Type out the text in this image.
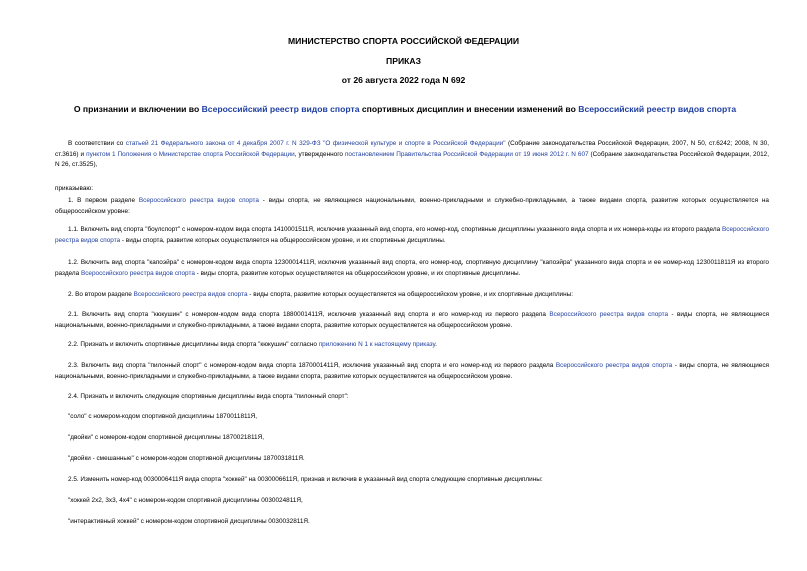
МИНИСТЕРСТВО СПОРТА РОССИЙСКОЙ ФЕДЕРАЦИИ
ПРИКАЗ
от 26 августа 2022 года N 692
О признании и включении во Всероссийский реестр видов спорта спортивных дисциплин и внесении изменений во Всероссийский реестр видов спорта
В соответствии со статьей 21 Федерального закона от 4 декабря 2007 г. N 329-ФЗ "О физической культуре и спорте в Российской Федерации" (Собрание законодательства Российской Федерации, 2007, N 50, ст.6242; 2008, N 30, ст.3616) и пунктом 1 Положения о Министерстве спорта Российской Федерации, утвержденного постановлением Правительства Российской Федерации от 19 июня 2012 г. N 607 (Собрание законодательства Российской Федерации, 2012, N 26, ст.3525),
приказываю:
1. В первом разделе Всероссийского реестра видов спорта - виды спорта, не являющиеся национальными, военно-прикладными и служебно-прикладными, а также видами спорта, развитие которых осуществляется на общероссийском уровне:
1.1. Включить вид спорта "боулспорт" с номером-кодом вида спорта 1410001511Я, исключив указанный вид спорта, его номер-код, спортивные дисциплины указанного вида спорта и их номера-коды из второго раздела Всероссийского реестра видов спорта - виды спорта, развитие которых осуществляется на общероссийском уровне, и их спортивные дисциплины.
1.2. Включить вид спорта "капоэйра" с номером-кодом вида спорта 1230001411Я, исключив указанный вид спорта, его номер-код, спортивную дисциплину "капоэйра" указанного вида спорта и ее номер-код 1230011811Я из второго раздела Всероссийского реестра видов спорта - виды спорта, развитие которых осуществляется на общероссийском уровне, и их спортивные дисциплины.
2. Во втором разделе Всероссийского реестра видов спорта - виды спорта, развитие которых осуществляется на общероссийском уровне, и их спортивные дисциплины:
2.1. Включить вид спорта "кюкушин" с номером-кодом вида спорта 1880001411Я, исключив указанный вид спорта и его номер-код из первого раздела Всероссийского реестра видов спорта - виды спорта, не являющиеся национальными, военно-прикладными и служебно-прикладными, а также видами спорта, развитие которых осуществляется на общероссийском уровне.
2.2. Признать и включить спортивные дисциплины вида спорта "кюкушин" согласно приложению N 1 к настоящему приказу.
2.3. Включить вид спорта "пилонный спорт" с номером-кодом вида спорта 1870001411Я, исключив указанный вид спорта и его номер-код из первого раздела Всероссийского реестра видов спорта - виды спорта, не являющиеся национальными, военно-прикладными и служебно-прикладными, а также видами спорта, развитие которых осуществляется на общероссийском уровне.
2.4. Признать и включить следующие спортивные дисциплины вида спорта "пилонный спорт":
"соло" с номером-кодом спортивной дисциплины 1870011811Я,
"двойки" с номером-кодом спортивной дисциплины 1870021811Я,
"двойки - смешанные" с номером-кодом спортивной дисциплины 1870031811Я.
2.5. Изменить номер-код 0030006411Я вида спорта "хоккей" на 0030006611Я, признав и включив в указанный вид спорта следующие спортивные дисциплины:
"хоккей 2х2, 3х3, 4х4" с номером-кодом спортивной дисциплины 0030024811Я,
"интерактивный хоккей" с номером-кодом спортивной дисциплины 0030032811Я.
